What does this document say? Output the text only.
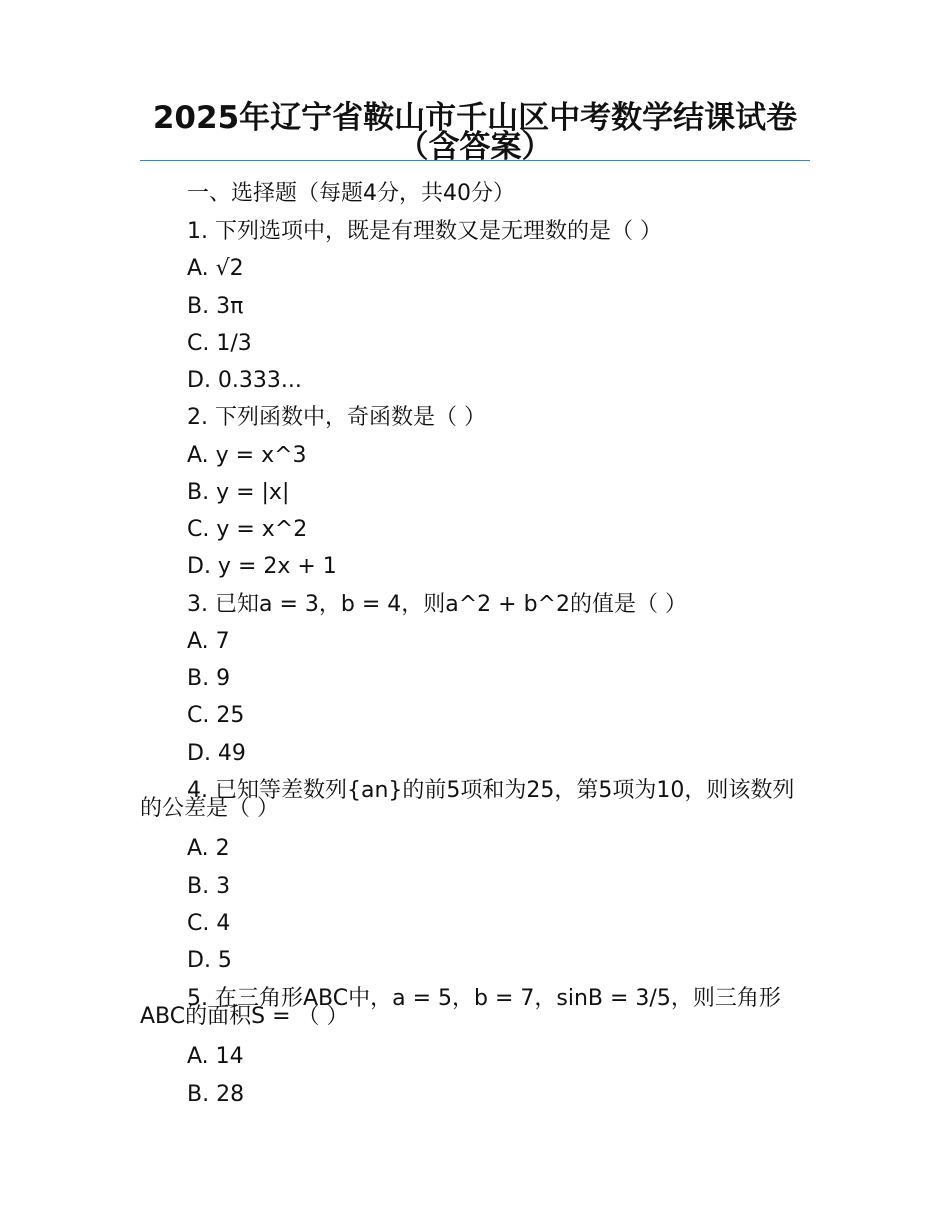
2025年辽宁省鞍山市千山区中考数学结课试卷（含答案）
一、选择题（每题4分，共40分）
1. 下列选项中，既是有理数又是无理数的是（ ）
A. √2
B. 3π
C. 1/3
D. 0.333...
2. 下列函数中，奇函数是（ ）
A. y = x^3
B. y = |x|
C. y = x^2
D. y = 2x + 1
3. 已知a = 3，b = 4，则a^2 + b^2的值是（ ）
A. 7
B. 9
C. 25
D. 49
4. 已知等差数列{an}的前5项和为25，第5项为10，则该数列的公差是（ ）
A. 2
B. 3
C. 4
D. 5
5. 在三角形ABC中，a = 5，b = 7，sinB = 3/5，则三角形ABC的面积S = （ ）
A. 14
B. 28
